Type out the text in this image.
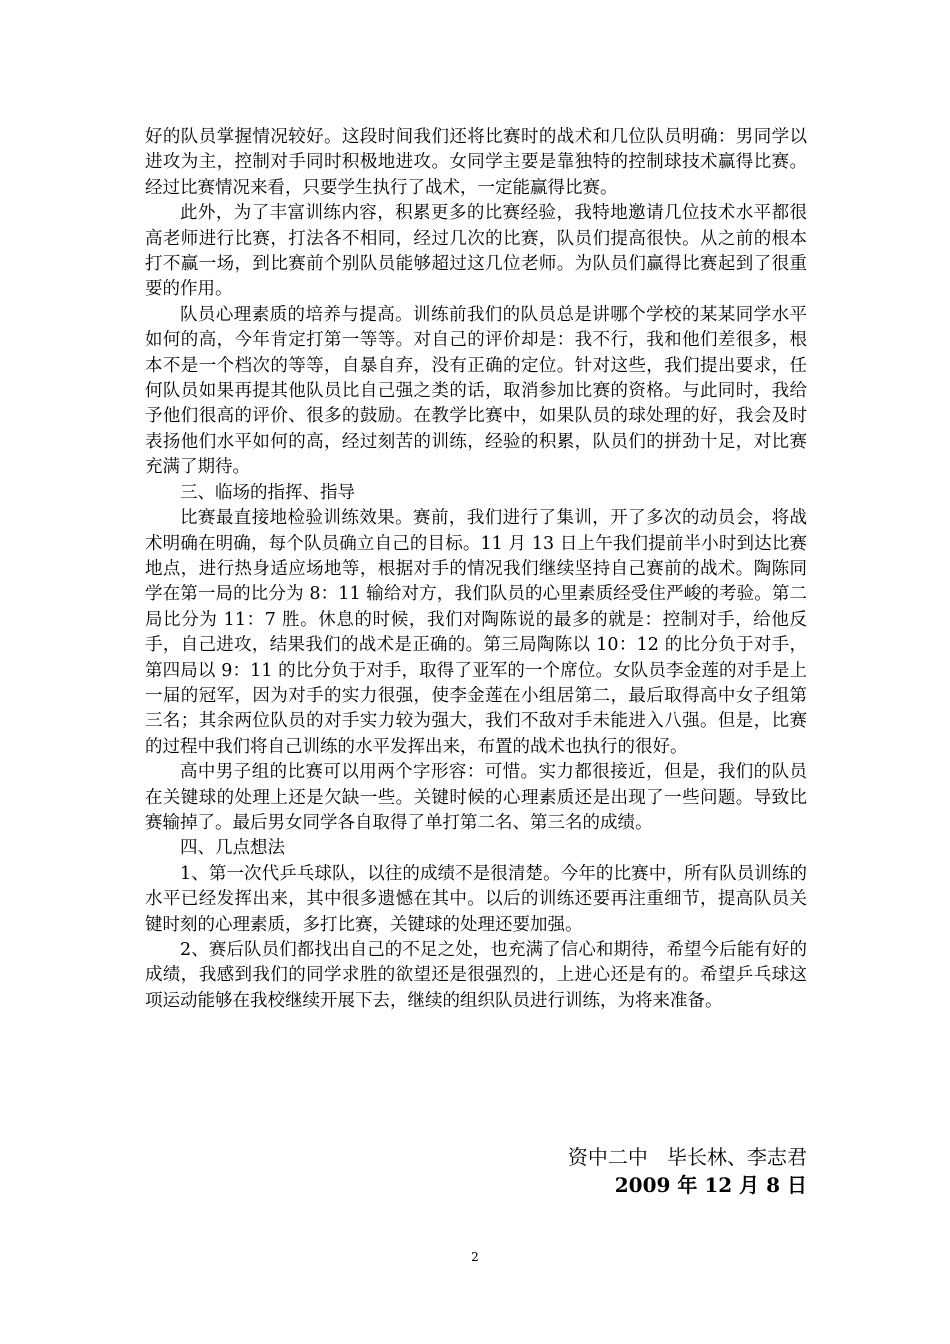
好的队员掌握情况较好。这段时间我们还将比赛时的战术和几位队员明确：男同学以进攻为主，控制对手同时积极地进攻。女同学主要是靠独特的控制球技术赢得比赛。经过比赛情况来看，只要学生执行了战术，一定能赢得比赛。

此外，为了丰富训练内容，积累更多的比赛经验，我特地邀请几位技术水平都很高老师进行比赛，打法各不相同，经过几次的比赛，队员们提高很快。从之前的根本打不赢一场，到比赛前个别队员能够超过这几位老师。为队员们赢得比赛起到了很重要的作用。

队员心理素质的培养与提高。训练前我们的队员总是讲哪个学校的某某同学水平如何的高，今年肯定打第一等等。对自己的评价却是：我不行，我和他们差很多，根本不是一个档次的等等，自暴自弃，没有正确的定位。针对这些，我们提出要求，任何队员如果再提其他队员比自己强之类的话，取消参加比赛的资格。与此同时，我给予他们很高的评价、很多的鼓励。在教学比赛中，如果队员的球处理的好，我会及时表扬他们水平如何的高，经过刻苦的训练，经验的积累，队员们的拼劲十足，对比赛充满了期待。

三、临场的指挥、指导

比赛最直接地检验训练效果。赛前，我们进行了集训，开了多次的动员会，将战术明确在明确，每个队员确立自己的目标。11 月 13 日上午我们提前半小时到达比赛地点，进行热身适应场地等，根据对手的情况我们继续坚持自己赛前的战术。陶陈同学在第一局的比分为 8：11 输给对方，我们队员的心里素质经受住严峻的考验。第二局比分为 11：7 胜。休息的时候，我们对陶陈说的最多的就是：控制对手，给他反手，自己进攻，结果我们的战术是正确的。第三局陶陈以 10：12 的比分负于对手，第四局以 9：11 的比分负于对手，取得了亚军的一个席位。女队员李金莲的对手是上一届的冠军，因为对手的实力很强，使李金莲在小组居第二，最后取得高中女子组第三名；其余两位队员的对手实力较为强大，我们不敌对手未能进入八强。但是，比赛的过程中我们将自己训练的水平发挥出来，布置的战术也执行的很好。

高中男子组的比赛可以用两个字形容：可惜。实力都很接近，但是，我们的队员在关键球的处理上还是欠缺一些。关键时候的心理素质还是出现了一些问题。导致比赛输掉了。最后男女同学各自取得了单打第二名、第三名的成绩。

四、几点想法

1、第一次代乒乓球队，以往的成绩不是很清楚。今年的比赛中，所有队员训练的水平已经发挥出来，其中很多遗憾在其中。以后的训练还要再注重细节，提高队员关键时刻的心理素质，多打比赛，关键球的处理还要加强。

2、赛后队员们都找出自己的不足之处，也充满了信心和期待，希望今后能有好的成绩，我感到我们的同学求胜的欲望还是很强烈的，上进心还是有的。希望乒乓球这项运动能够在我校继续开展下去，继续的组织队员进行训练，为将来准备。

资中二中   毕长林、李志君
2009 年 12 月 8 日
2
